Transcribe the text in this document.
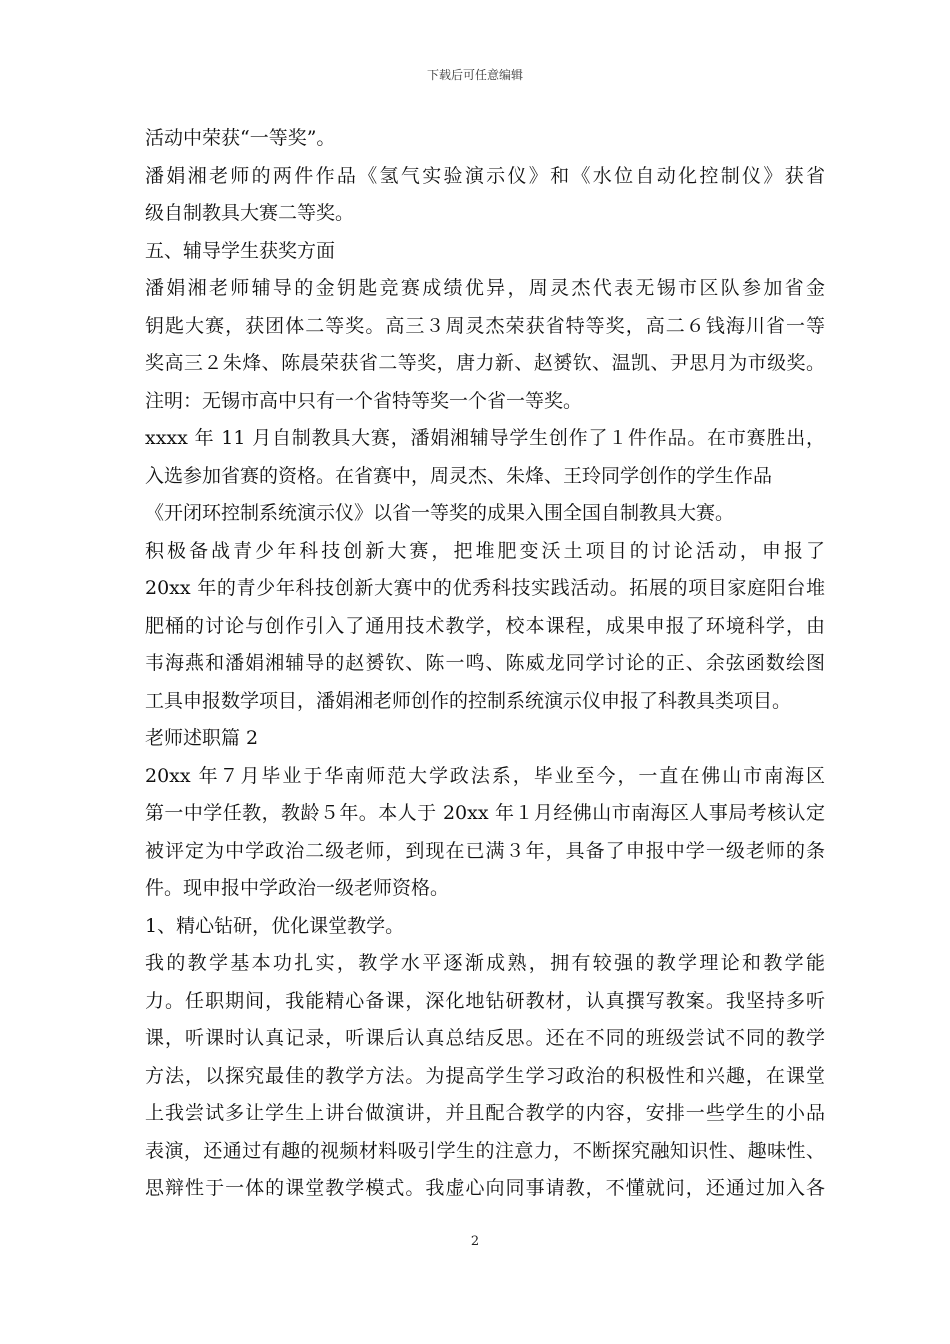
下载后可任意编辑
活动中荣获“一等奖”。
潘娟湘老师的两件作品《氢气实验演示仪》和《水位自动化控制仪》获省
级自制教具大赛二等奖。
五、辅导学生获奖方面
潘娟湘老师辅导的金钥匙竞赛成绩优异，周灵杰代表无锡市区队参加省金
钥匙大赛，获团体二等奖。高三３周灵杰荣获省特等奖，高二６钱海川省一等
奖高三２朱烽、陈晨荣获省二等奖，唐力新、赵赟钦、温凯、尹思月为市级奖。
注明：无锡市高中只有一个省特等奖一个省一等奖。
xxxx 年 11 月自制教具大赛，潘娟湘辅导学生创作了１件作品。在市赛胜出，
入选参加省赛的资格。在省赛中，周灵杰、朱烽、王玲同学创作的学生作品
《开闭环控制系统演示仪》以省一等奖的成果入围全国自制教具大赛。
积极备战青少年科技创新大赛，把堆肥变沃土项目的讨论活动，申报了
20xx 年的青少年科技创新大赛中的优秀科技实践活动。拓展的项目家庭阳台堆
肥桶的讨论与创作引入了通用技术教学，校本课程，成果申报了环境科学，由
韦海燕和潘娟湘辅导的赵赟钦、陈一鸣、陈威龙同学讨论的正、余弦函数绘图
工具申报数学项目，潘娟湘老师创作的控制系统演示仪申报了科教具类项目。
老师述职篇 2
20xx 年７月毕业于华南师范大学政法系，毕业至今，一直在佛山市南海区
第一中学任教，教龄５年。本人于 20xx 年１月经佛山市南海区人事局考核认定
被评定为中学政治二级老师，到现在已满３年，具备了申报中学一级老师的条
件。现申报中学政治一级老师资格。
1、精心钻研，优化课堂教学。
我的教学基本功扎实，教学水平逐渐成熟，拥有较强的教学理论和教学能
力。任职期间，我能精心备课，深化地钻研教材，认真撰写教案。我坚持多听
课，听课时认真记录，听课后认真总结反思。还在不同的班级尝试不同的教学
方法，以探究最佳的教学方法。为提高学生学习政治的积极性和兴趣，在课堂
上我尝试多让学生上讲台做演讲，并且配合教学的内容，安排一些学生的小品
表演，还通过有趣的视频材料吸引学生的注意力，不断探究融知识性、趣味性、
思辩性于一体的课堂教学模式。我虚心向同事请教，不懂就问，还通过加入各
2
